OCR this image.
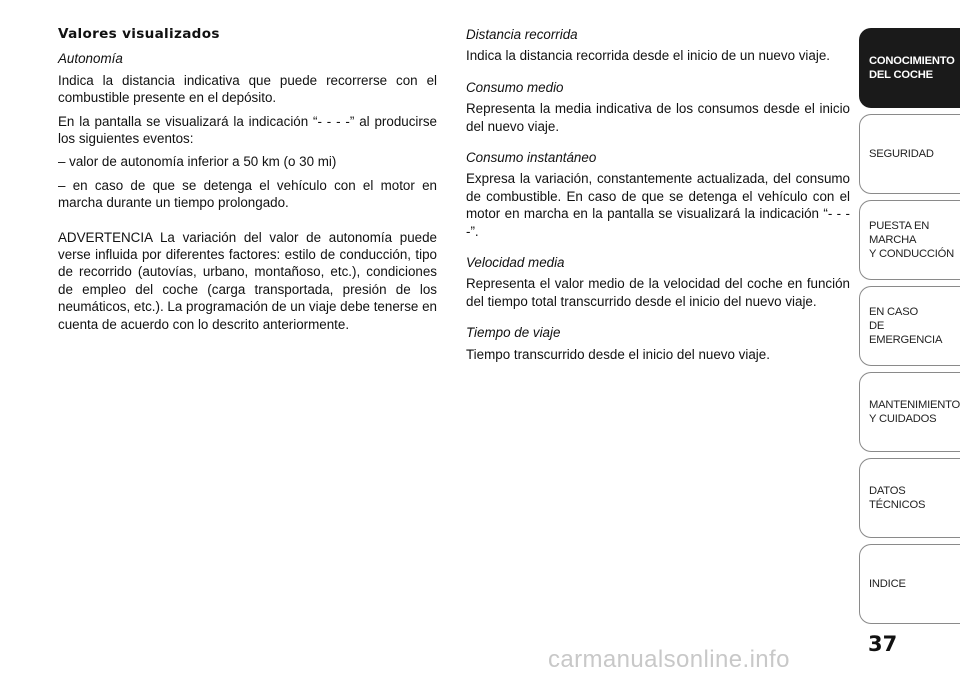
Valores visualizados
Autonomía

Indica la distancia indicativa que puede recorrerse con el combustible presente en el depósito.

En la pantalla se visualizará la indicación “- - - -” al producirse los siguientes eventos:

– valor de autonomía inferior a 50 km (o 30 mi)

– en caso de que se detenga el vehículo con el motor en marcha durante un tiempo prolongado.

ADVERTENCIA La variación del valor de autonomía puede verse influida por diferentes factores: estilo de conducción, tipo de recorrido (autovías, urbano, montañoso, etc.), condiciones de empleo del coche (carga transportada, presión de los neumáticos, etc.). La programación de un viaje debe tenerse en cuenta de acuerdo con lo descrito anteriormente.

Distancia recorrida

Indica la distancia recorrida desde el inicio de un nuevo viaje.

Consumo medio

Representa la media indicativa de los consumos desde el inicio del nuevo viaje.

Consumo instantáneo

Expresa la variación, constantemente actualizada, del consumo de combustible. En caso de que se detenga el vehículo con el motor en marcha en la pantalla se visualizará la indicación “- - - -”.

Velocidad media

Representa el valor medio de la velocidad del coche en función del tiempo total transcurrido desde el inicio del nuevo viaje.

Tiempo de viaje

Tiempo transcurrido desde el inicio del nuevo viaje.

CONOCIMIENTO
DEL COCHE
SEGURIDAD
PUESTA EN MARCHA
Y CONDUCCIÓN
EN CASO
DE EMERGENCIA
MANTENIMIENTO
Y CUIDADOS
DATOS TÉCNICOS
INDICE
37
carmanualsonline.info
